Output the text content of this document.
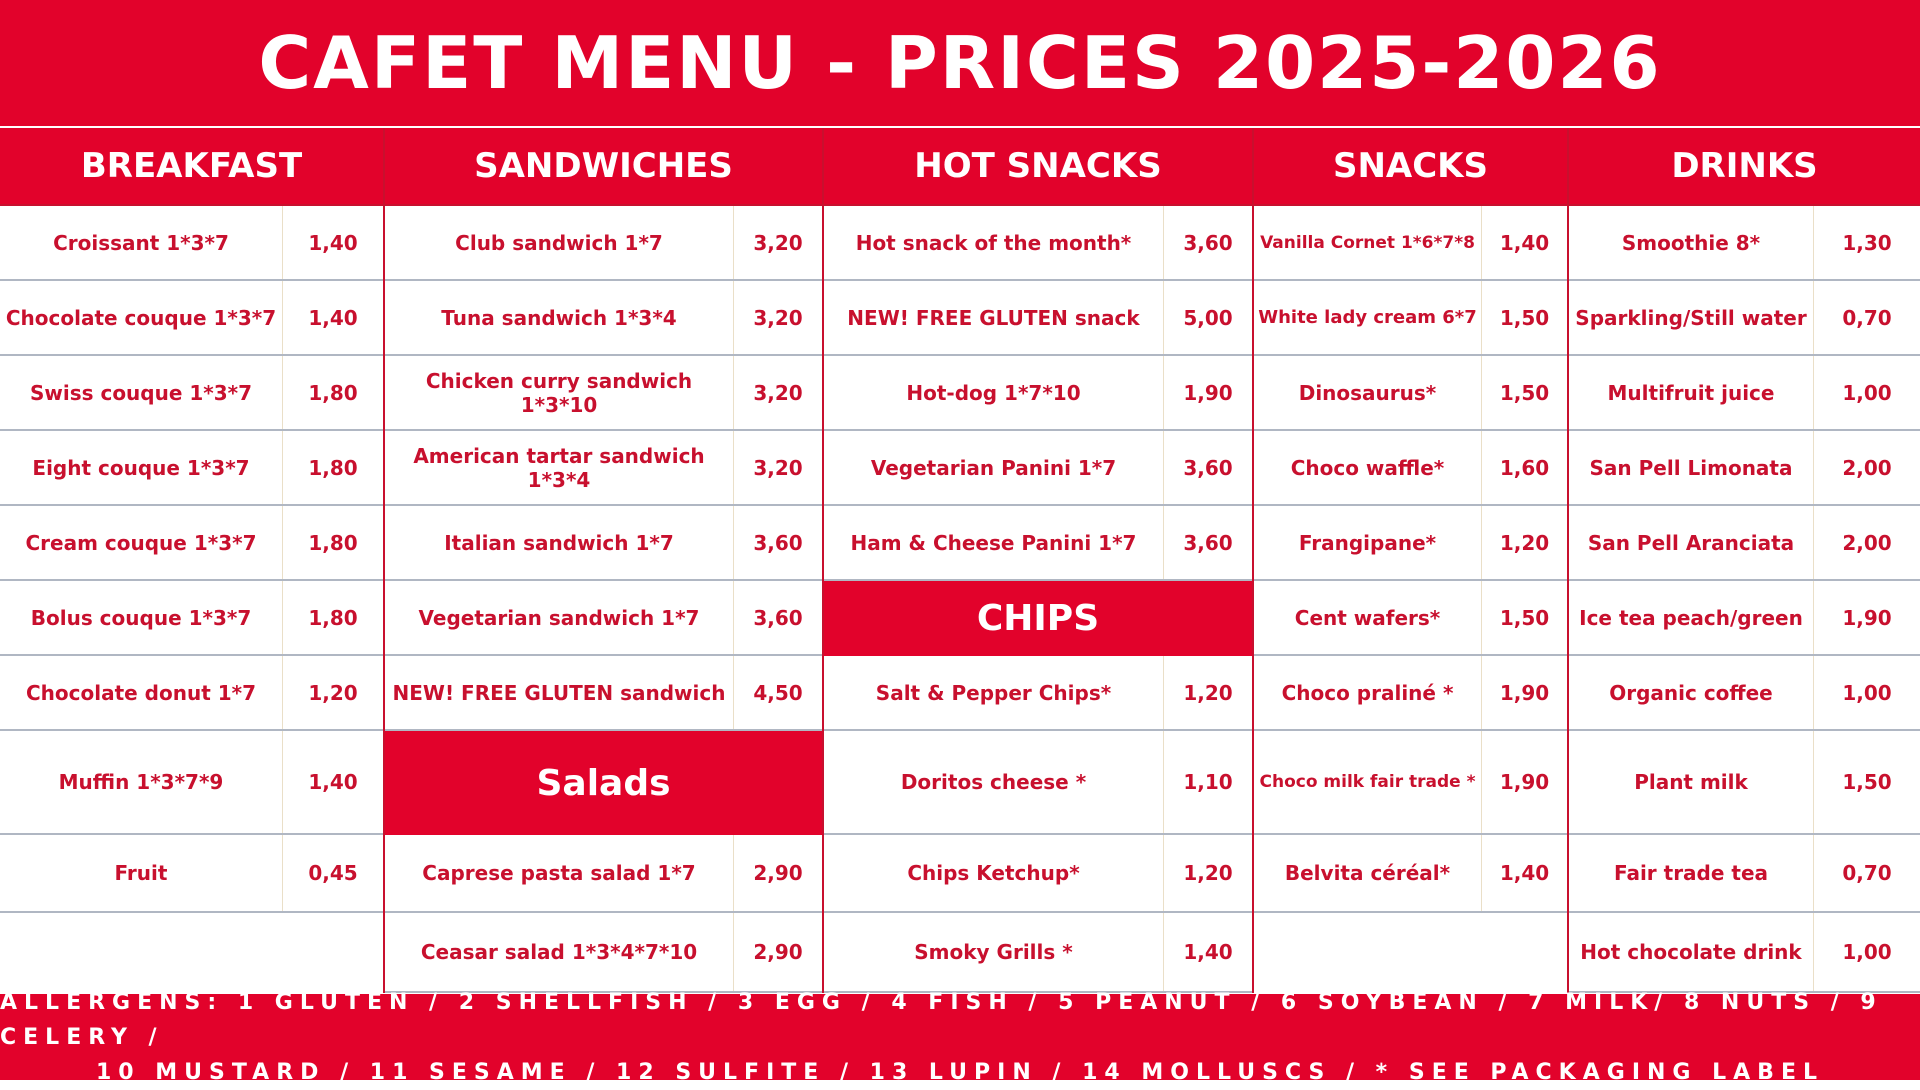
CAFET MENU - PRICES 2025-2026
BREAKFAST
Croissant 1*3*7	1,40
Chocolate couque 1*3*7	1,40
Swiss couque 1*3*7	1,80
Eight couque 1*3*7	1,80
Cream couque 1*3*7	1,80
Bolus couque 1*3*7	1,80
Chocolate donut 1*7	1,20
Muffin 1*3*7*9	1,40
Fruit	0,45
SANDWICHES
Club sandwich 1*7	3,20
Tuna sandwich 1*3*4	3,20
Chicken curry sandwich 1*3*10	3,20
American tartar sandwich 1*3*4	3,20
Italian sandwich 1*7	3,60
Vegetarian sandwich 1*7	3,60
NEW! FREE GLUTEN sandwich	4,50
Salads
Caprese pasta salad 1*7	2,90
Ceasar salad 1*3*4*7*10	2,90
HOT SNACKS
Hot snack of the month*	3,60
NEW! FREE GLUTEN snack	5,00
Hot-dog 1*7*10	1,90
Vegetarian Panini 1*7	3,60
Ham & Cheese Panini 1*7	3,60
CHIPS
Salt & Pepper Chips*	1,20
Doritos cheese *	1,10
Chips Ketchup*	1,20
Smoky Grills *	1,40
SNACKS
Vanilla Cornet 1*6*7*8	1,40
White lady cream 6*7	1,50
Dinosaurus*	1,50
Choco waffle*	1,60
Frangipane*	1,20
Cent wafers*	1,50
Choco praliné *	1,90
Choco milk fair trade *	1,90
Belvita céréal*	1,40
DRINKS
Smoothie 8*	1,30
Sparkling/Still water	0,70
Multifruit juice	1,00
San Pell Limonata	2,00
San Pell Aranciata	2,00
Ice tea peach/green	1,90
Organic coffee	1,00
Plant milk	1,50
Fair trade tea	0,70
Hot chocolate drink	1,00
ALLERGENS: 1 GLUTEN / 2 SHELLFISH / 3 EGG / 4 FISH / 5 PEANUT / 6 SOYBEAN / 7 MILK/ 8 NUTS / 9 CELERY /
10 MUSTARD / 11 SESAME / 12 SULFITE / 13 LUPIN / 14 MOLLUSCS / * SEE PACKAGING LABEL
